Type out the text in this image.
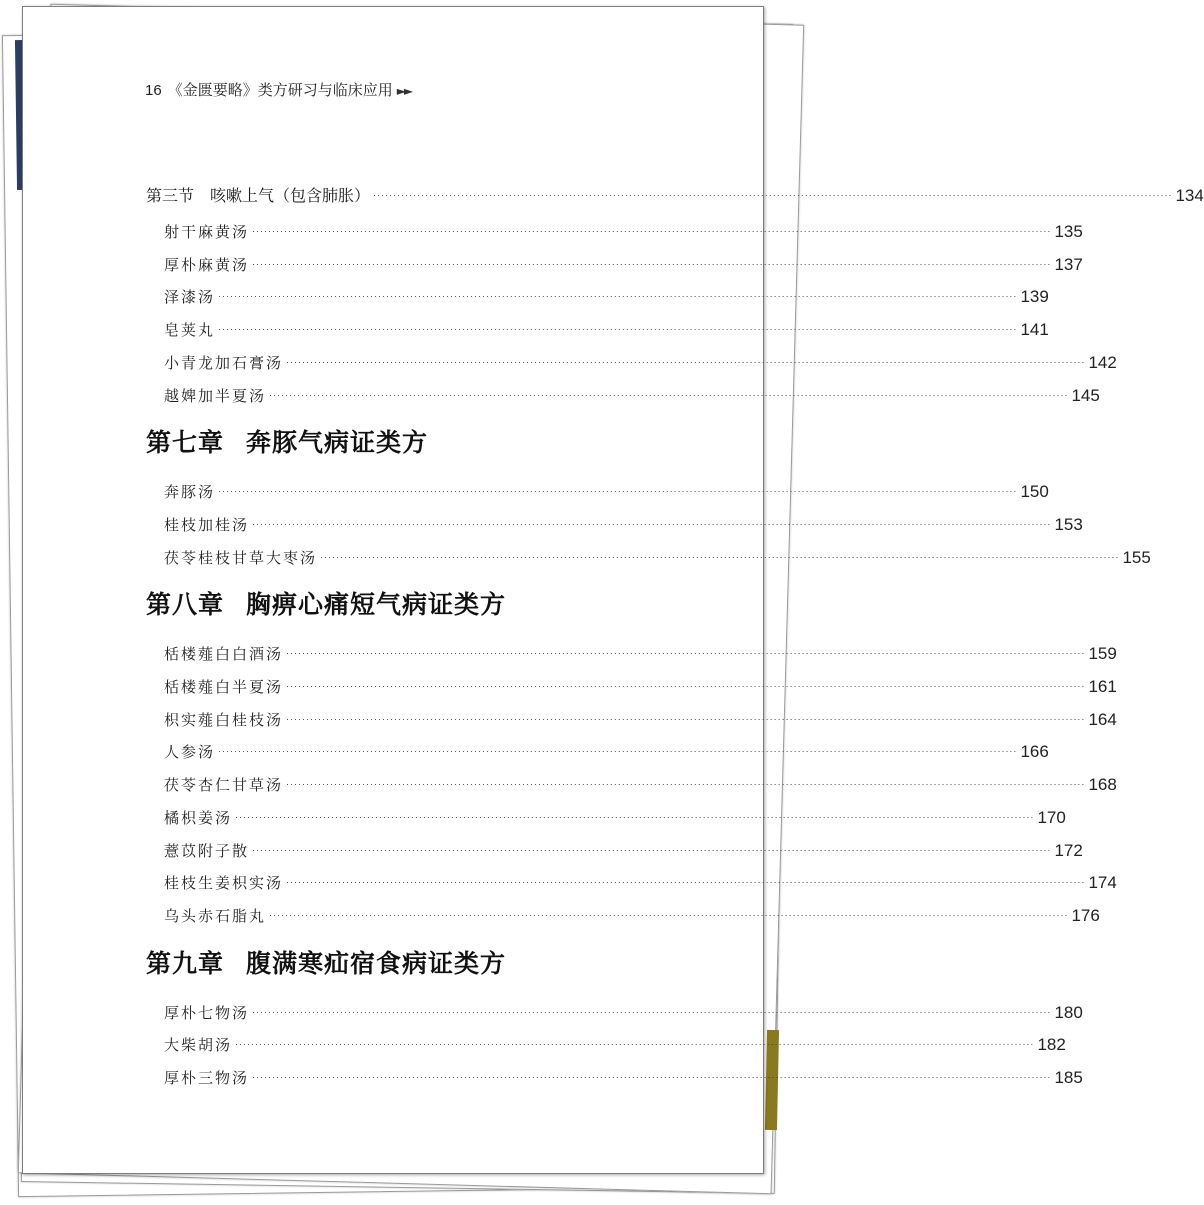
16 《金匮要略》类方研习与临床应用 ►►
第三节　咳嗽上气（包含肺胀） ········································································································································································································ 134
射干麻黄汤 ········································································································································································································ 135
厚朴麻黄汤 ········································································································································································································ 137
泽漆汤 ········································································································································································································ 139
皂荚丸 ········································································································································································································ 141
小青龙加石膏汤 ········································································································································································································ 142
越婢加半夏汤 ········································································································································································································ 145
第七章 奔豚气病证类方
奔豚汤 ········································································································································································································ 150
桂枝加桂汤 ········································································································································································································ 153
茯苓桂枝甘草大枣汤 ········································································································································································································ 155
第八章 胸痹心痛短气病证类方
栝楼薤白白酒汤 ········································································································································································································ 159
栝楼薤白半夏汤 ········································································································································································································ 161
枳实薤白桂枝汤 ········································································································································································································ 164
人参汤 ········································································································································································································ 166
茯苓杏仁甘草汤 ········································································································································································································ 168
橘枳姜汤 ········································································································································································································ 170
薏苡附子散 ········································································································································································································ 172
桂枝生姜枳实汤 ········································································································································································································ 174
乌头赤石脂丸 ········································································································································································································ 176
第九章 腹满寒疝宿食病证类方
厚朴七物汤 ········································································································································································································ 180
大柴胡汤 ········································································································································································································ 182
厚朴三物汤 ········································································································································································································ 185
